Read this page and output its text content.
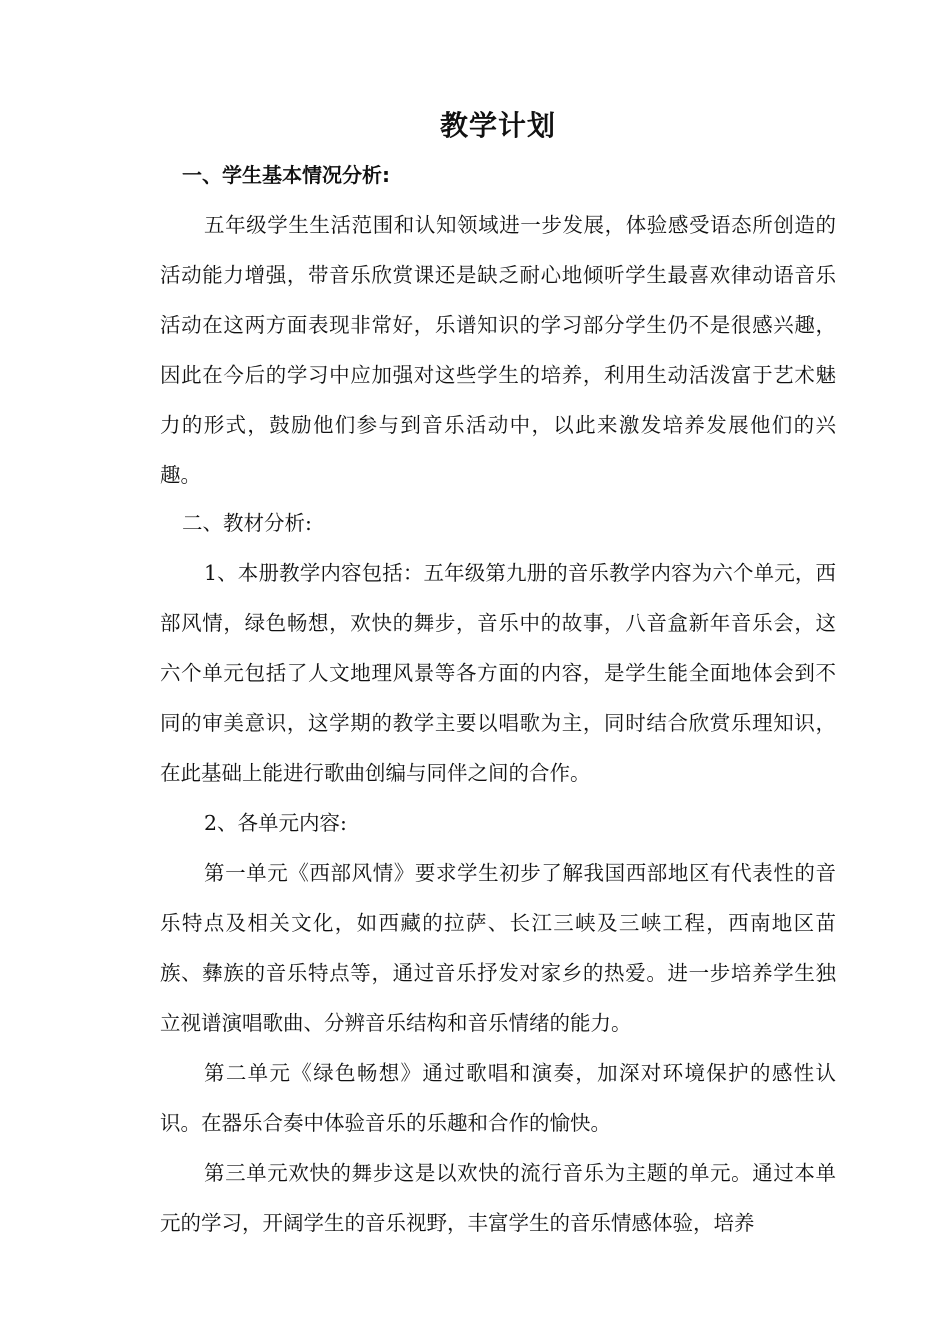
教学计划
一、学生基本情况分析:

五年级学生生活范围和认知领域进一步发展，体验感受语态所创造的活动能力增强，带音乐欣赏课还是缺乏耐心地倾听学生最喜欢律动语音乐活动在这两方面表现非常好，乐谱知识的学习部分学生仍不是很感兴趣，因此在今后的学习中应加强对这些学生的培养，利用生动活泼富于艺术魅力的形式，鼓励他们参与到音乐活动中，以此来激发培养发展他们的兴趣。

二、教材分析:

1、本册教学内容包括：五年级第九册的音乐教学内容为六个单元，西部风情，绿色畅想，欢快的舞步，音乐中的故事，八音盒新年音乐会，这六个单元包括了人文地理风景等各方面的内容，是学生能全面地体会到不同的审美意识，这学期的教学主要以唱歌为主，同时结合欣赏乐理知识，在此基础上能进行歌曲创编与同伴之间的合作。

2、各单元内容:

第一单元《西部风情》要求学生初步了解我国西部地区有代表性的音乐特点及相关文化，如西藏的拉萨、长江三峡及三峡工程，西南地区苗族、彝族的音乐特点等，通过音乐抒发对家乡的热爱。进一步培养学生独立视谱演唱歌曲、分辨音乐结构和音乐情绪的能力。

第二单元《绿色畅想》通过歌唱和演奏，加深对环境保护的感性认识。在器乐合奏中体验音乐的乐趣和合作的愉快。

第三单元欢快的舞步这是以欢快的流行音乐为主题的单元。通过本单元的学习，开阔学生的音乐视野，丰富学生的音乐情感体验，培养
